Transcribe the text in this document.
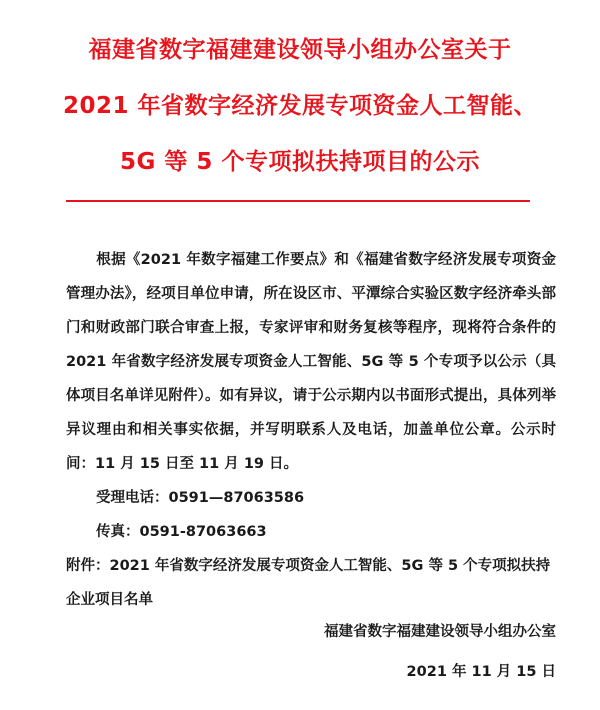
福建省数字福建建设领导小组办公室关于
2021 年省数字经济发展专项资金人工智能、
5G 等 5 个专项拟扶持项目的公示

根据《2021 年数字福建工作要点》和《福建省数字经济发展专项资金管理办法》，经项目单位申请，所在设区市、平潭综合实验区数字经济牵头部门和财政部门联合审查上报，专家评审和财务复核等程序，现将符合条件的 2021 年省数字经济发展专项资金人工智能、5G 等 5 个专项予以公示（具体项目名单详见附件）。如有异议，请于公示期内以书面形式提出，具体列举异议理由和相关事实依据，并写明联系人及电话，加盖单位公章。公示时间：11 月 15 日至 11 月 19 日。

受理电话：0591—87063586

传真：0591-87063663

附件：2021 年省数字经济发展专项资金人工智能、5G 等 5 个专项拟扶持企业项目名单

福建省数字福建建设领导小组办公室
2021 年 11 月 15 日
